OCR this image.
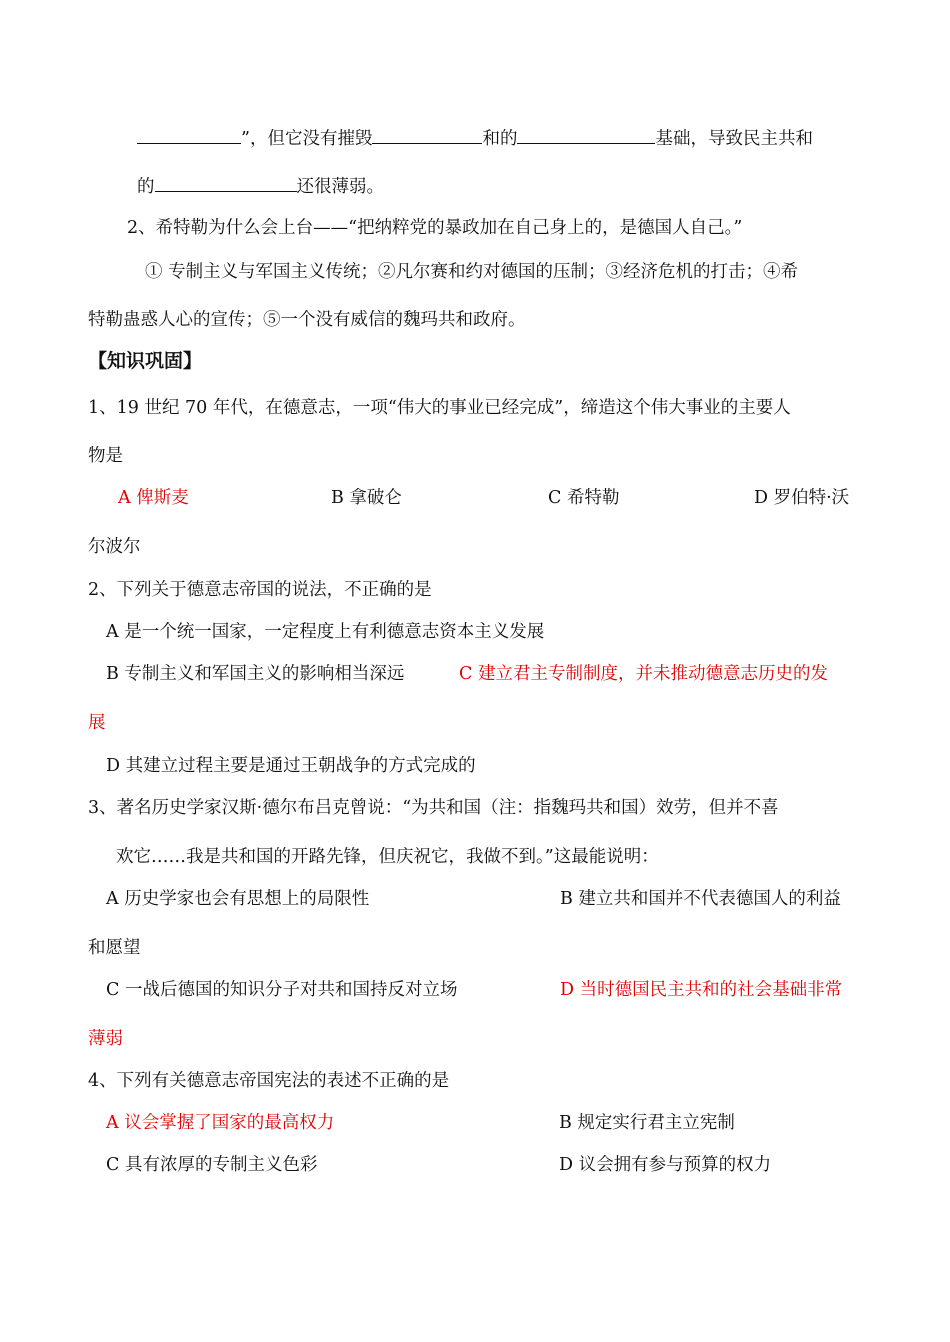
”，但它没有摧毁	和的	基础，导致民主共和
的	还很薄弱。
2、希特勒为什么会上台——“把纳粹党的暴政加在自己身上的，是德国人自己。”
① 专制主义与军国主义传统；②凡尔赛和约对德国的压制；③经济危机的打击；④希
特勒蛊惑人心的宣传；⑤一个没有威信的魏玛共和政府。
【知识巩固】
1、19 世纪 70 年代，在德意志，一项“伟大的事业已经完成”，缔造这个伟大事业的主要人
物是
A 俾斯麦	B 拿破仑	C 希特勒	D 罗伯特·沃
尔波尔
2、下列关于德意志帝国的说法，不正确的是
A 是一个统一国家，一定程度上有利德意志资本主义发展
B 专制主义和军国主义的影响相当深远	C 建立君主专制制度，并未推动德意志历史的发
展
D 其建立过程主要是通过王朝战争的方式完成的
3、著名历史学家汉斯·德尔布吕克曾说：“为共和国（注：指魏玛共和国）效劳，但并不喜
欢它……我是共和国的开路先锋，但庆祝它，我做不到。”这最能说明：
A 历史学家也会有思想上的局限性	B 建立共和国并不代表德国人的利益
和愿望
C 一战后德国的知识分子对共和国持反对立场	D 当时德国民主共和的社会基础非常
薄弱
4、下列有关德意志帝国宪法的表述不正确的是
A 议会掌握了国家的最高权力	B 规定实行君主立宪制
C 具有浓厚的专制主义色彩	D 议会拥有参与预算的权力
